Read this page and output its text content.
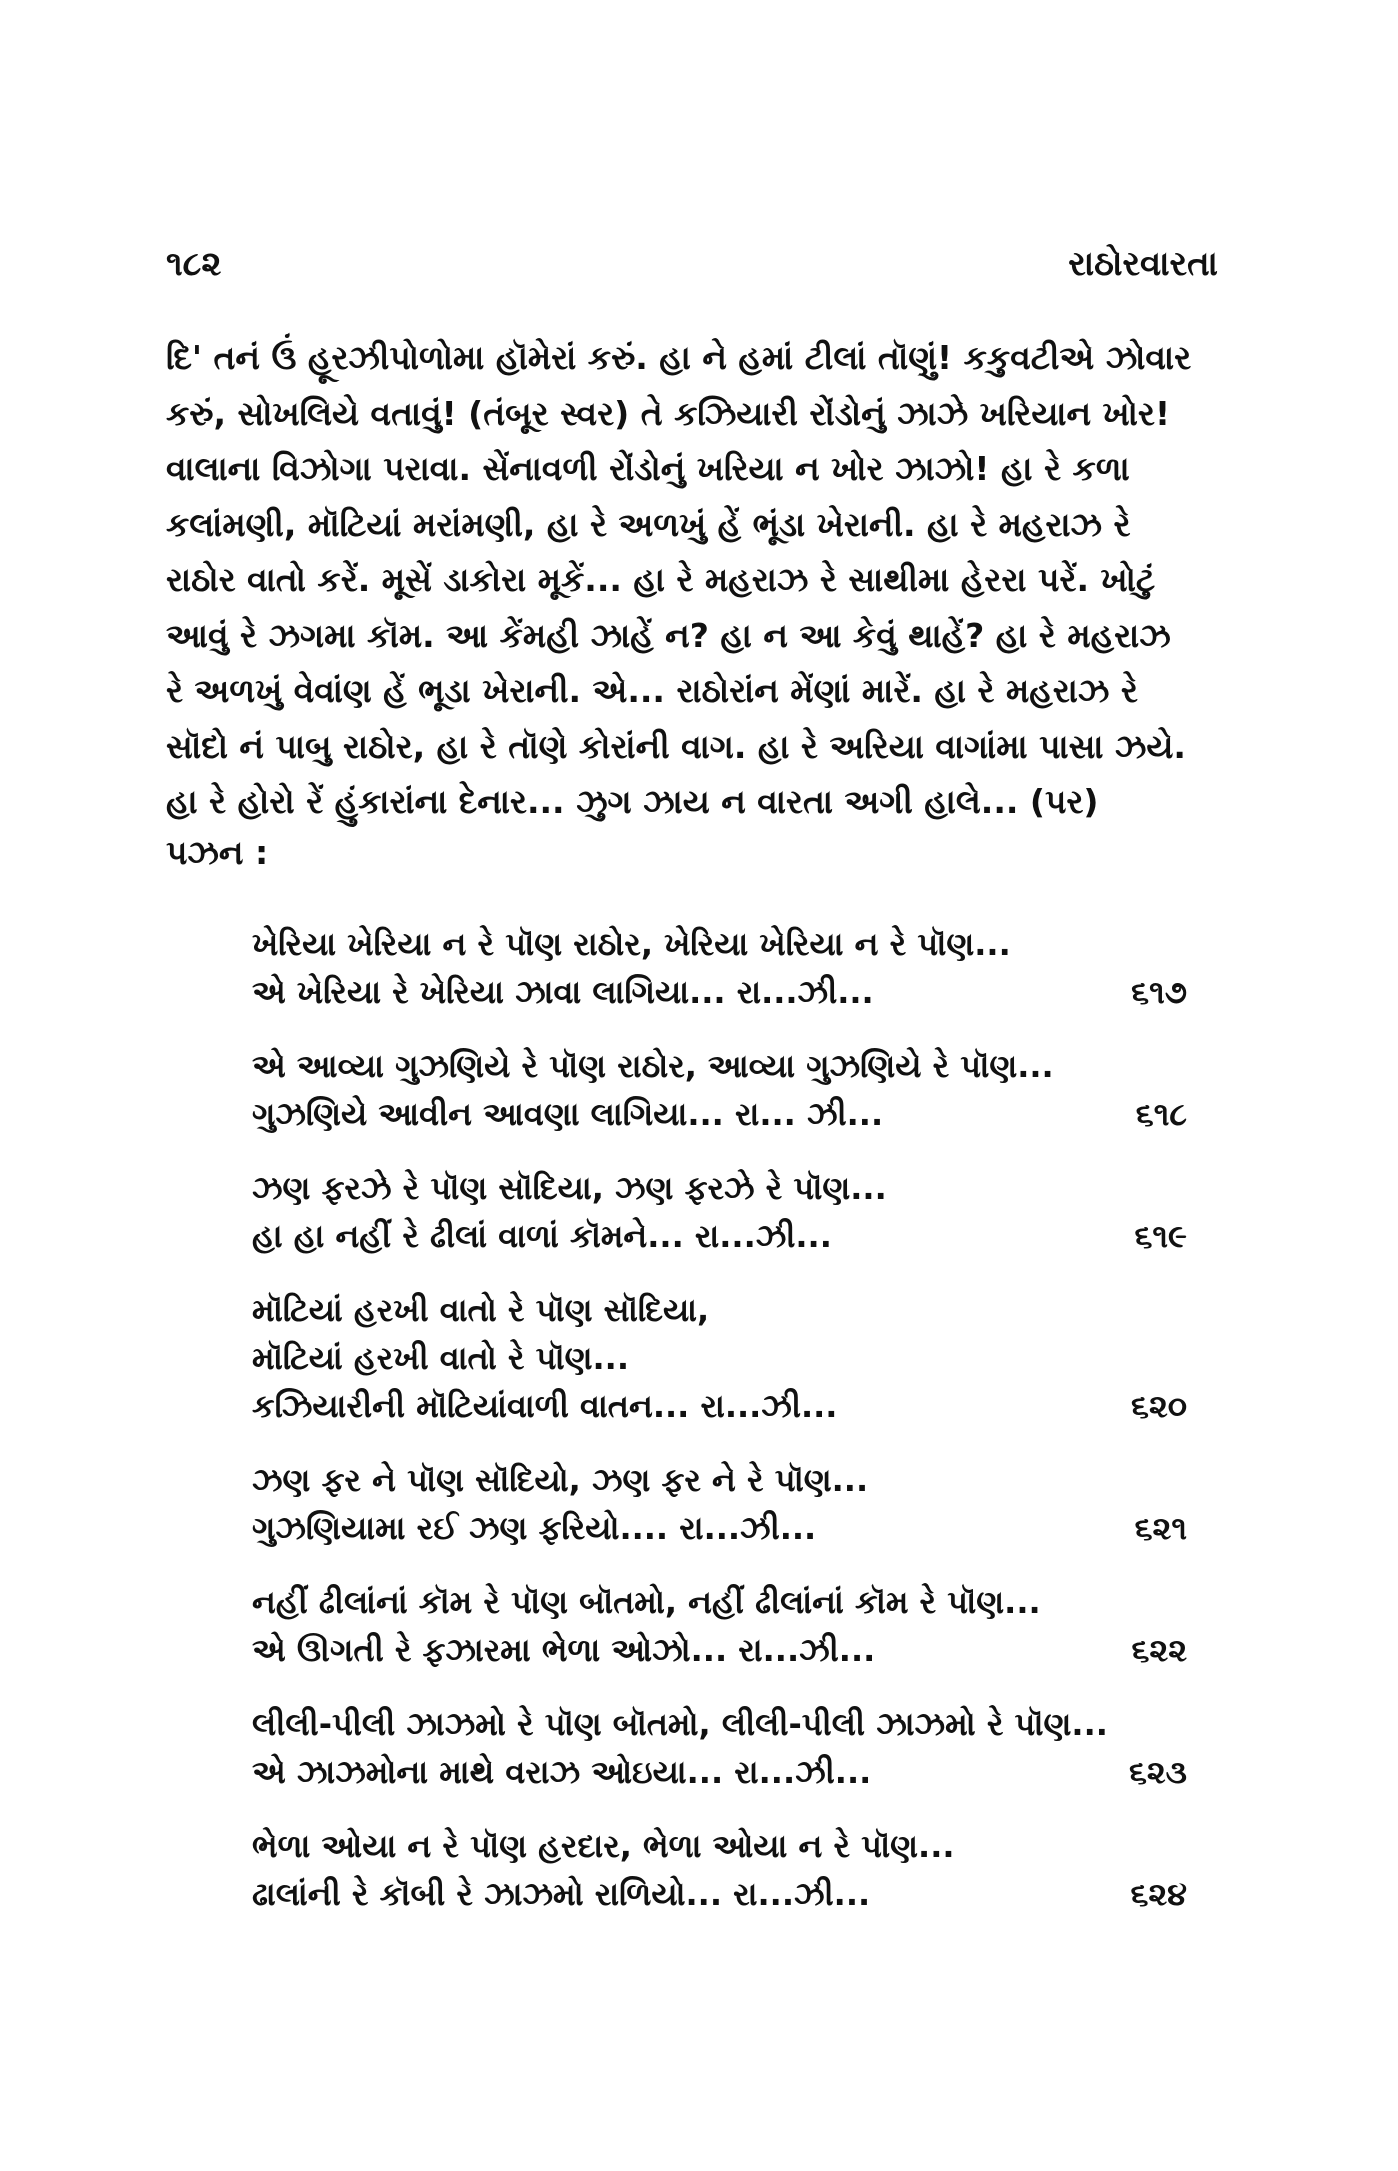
૧૮૨	રાઠોરવારતા
દિ' તનં ઉં હૂરઝીપોળોમા હૉમેરાં કરું. હા ને હમાં ટીલાં તૉણું! કકુવટીએ ઝોવાર
કરું, સોખલિયે વતાવું! (તંબૂર સ્વર) તે કઝિયારી રોંડોનું ઝાઝે ખરિયાન ખોર!
વાલાના વિઝોગા પરાવા. સેંનાવળી રોંડોનું ખરિયા ન ખોર ઝાઝો! હા રે કળા
કલાંમણી, મૉટિયાં મરાંમણી, હા રે અળખું હેં ભૂંડા ખેરાની. હા રે મહરાઝ રે
રાઠોર વાતો કરેં. મૂસેં ડાકોરા મૂકેં... હા રે મહરાઝ રે સાથીમા હેરરા પરેં. ખોટું
આવું રે ઝગમા કૉમ. આ કેંમહી ઝાહેં ન? હા ન આ કેવું થાહેં? હા રે મહરાઝ
રે અળખું વેવાંણ હેં ભૂડા ખેરાની. એ... રાઠોરાંન મેંણાં મારેં. હા રે મહરાઝ રે
સૉદો નં પાબુ રાઠોર, હા રે તૉણે કોરાંની વાગ. હા રે અરિયા વાગાંમા પાસા ઝયે.
હા રે હોરો રેં હુંકારાંના દેનાર... ઝુગ ઝાય ન વારતા અગી હાલે... (પર)
પઝન :
ખેરિયા ખેરિયા ન રે પૉણ રાઠોર, ખેરિયા ખેરિયા ન રે પૉણ...
એ ખેરિયા રે ખેરિયા ઝાવા લાગિયા... રા...ઝી...	૬૧૭
એ આવ્યા ગુઝણિયે રે પૉણ રાઠોર, આવ્યા ગુઝણિયે રે પૉણ...
ગુઝણિયે આવીન આવણા લાગિયા... રા... ઝી...	૬૧૮
ઝણ ફરઝે રે પૉણ સૉદિયા, ઝણ ફરઝે રે પૉણ...
હા હા નહીં રે ઢીલાં વાળાં કૉમને... રા...ઝી...	૬૧૯
મૉટિયાં હરખી વાતો રે પૉણ સૉદિયા,
મૉટિયાં હરખી વાતો રે પૉણ...
કઝિયારીની મૉટિયાંવાળી વાતન... રા...ઝી...	૬૨૦
ઝણ ફર ને પૉણ સૉદિયો, ઝણ ફર ને રે પૉણ...
ગુઝણિયામા રઈ ઝણ ફરિયો.... રા...ઝી...	૬૨૧
નહીં ઢીલાંનાં કૉમ રે પૉણ બૉતમો, નહીં ઢીલાંનાં કૉમ રે પૉણ...
એ ઊગતી રે ફઝારમા ભેળા ઓઝો... રા...ઝી...	૬૨૨
લીલી-પીલી ઝાઝમો રે પૉણ બૉતમો, લીલી-પીલી ઝાઝમો રે પૉણ...
એ ઝાઝમોના માથે વરાઝ ઓઇયા... રા...ઝી...	૬૨૩
ભેળા ઓયા ન રે પૉણ હરદાર, ભેળા ઓયા ન રે પૉણ...
ઢાલાંની રે કૉબી રે ઝાઝમો રાળિયો... રા...ઝી...	૬૨૪
